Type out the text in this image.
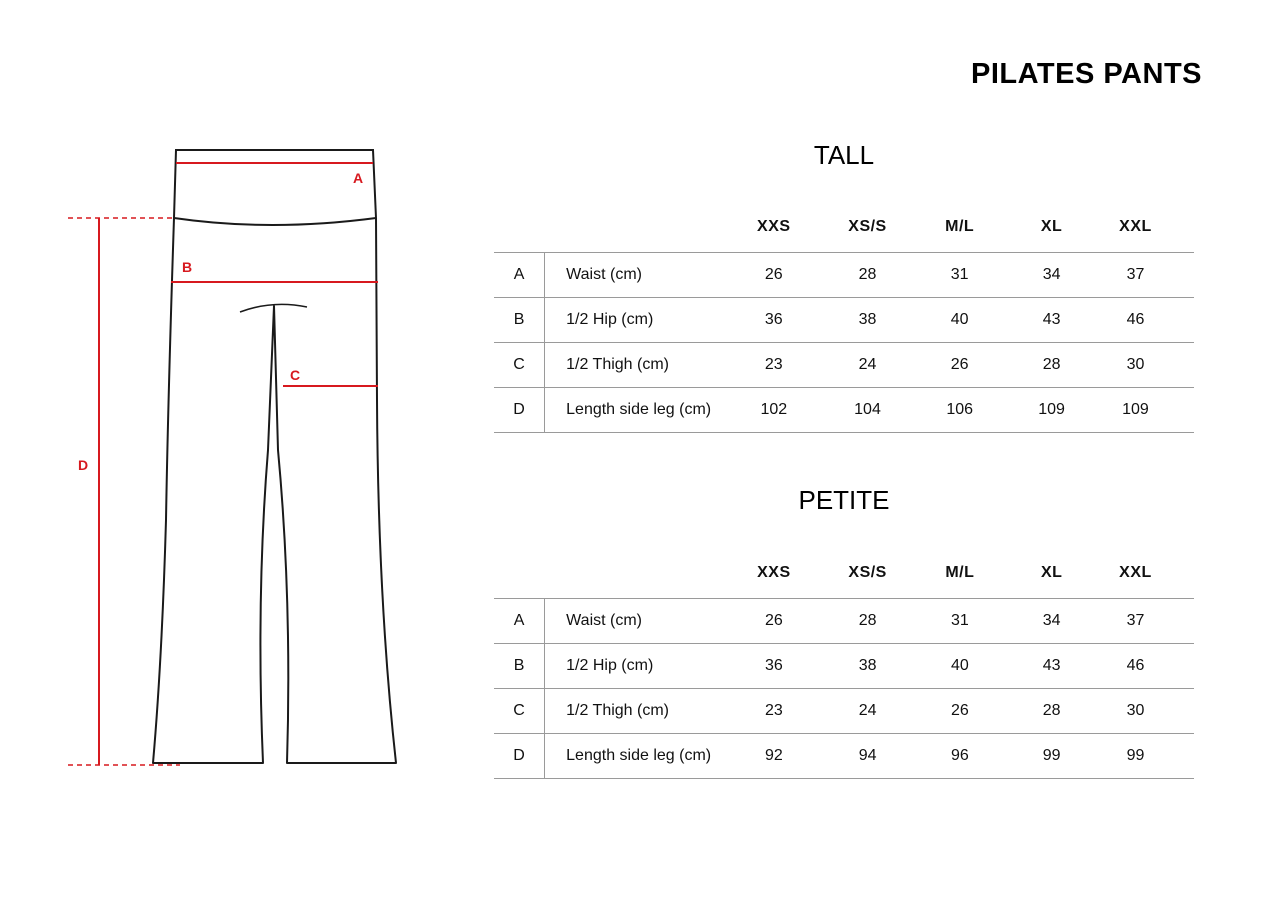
PILATES PANTS
A
B
C
D
TALL
		XXS	XS/S	M/L	XL	XXL	
A	Waist (cm)	26	28	31	34	37	
B	1/2 Hip (cm)	36	38	40	43	46	
C	1/2 Thigh (cm)	23	24	26	28	30	
D	Length side leg (cm)	102	104	106	109	109	
PETITE
		XXS	XS/S	M/L	XL	XXL	
A	Waist (cm)	26	28	31	34	37	
B	1/2 Hip (cm)	36	38	40	43	46	
C	1/2 Thigh (cm)	23	24	26	28	30	
D	Length side leg (cm)	92	94	96	99	99	
